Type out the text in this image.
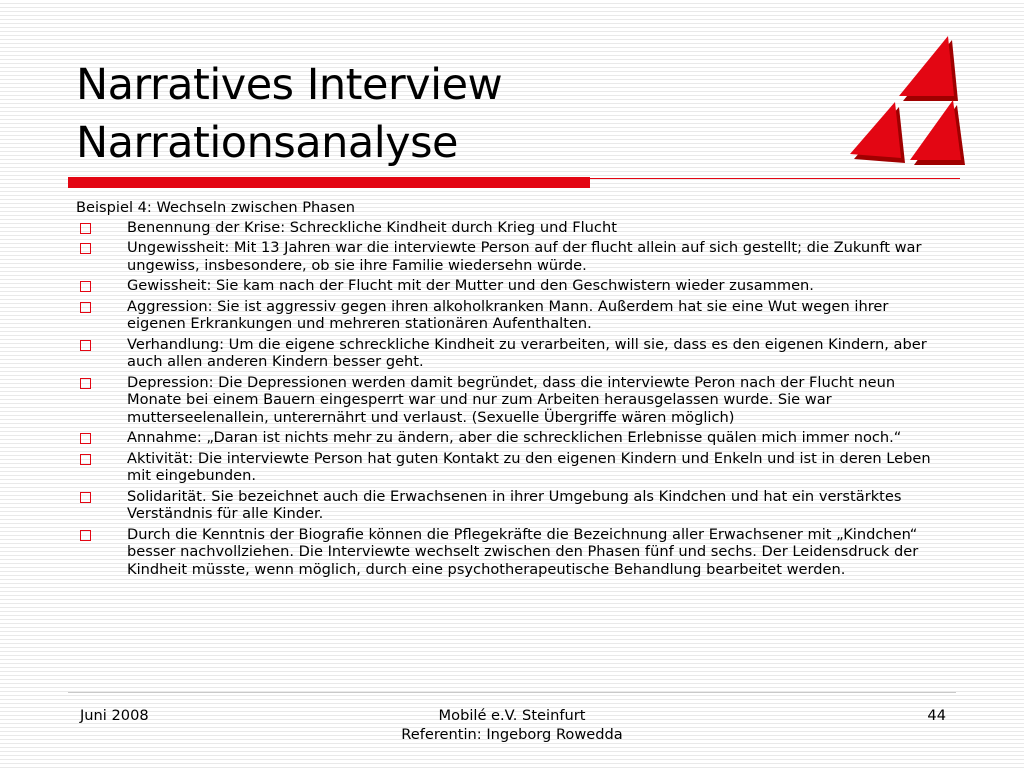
Narratives Interview
Narrationsanalyse
Beispiel 4: Wechseln zwischen Phasen
Benennung der Krise: Schreckliche Kindheit durch Krieg und Flucht
Ungewissheit: Mit 13 Jahren war die interviewte Person auf der flucht allein auf sich gestellt; die Zukunft war ungewiss, insbesondere, ob sie ihre Familie wiedersehn würde.
Gewissheit: Sie kam nach der Flucht mit der Mutter und den Geschwistern wieder zusammen.
Aggression: Sie ist aggressiv gegen ihren alkoholkranken Mann. Außerdem hat sie eine Wut wegen ihrer eigenen Erkrankungen und mehreren stationären Aufenthalten.
Verhandlung: Um die eigene schreckliche Kindheit zu verarbeiten, will sie, dass es den eigenen Kindern, aber auch allen anderen Kindern besser geht.
Depression: Die Depressionen werden damit begründet, dass die interviewte Peron nach der Flucht neun Monate bei einem Bauern eingesperrt war und nur zum Arbeiten herausgelassen wurde. Sie war mutterseelenallein, unterernährt und verlaust. (Sexuelle Übergriffe wären möglich)
Annahme: „Daran ist nichts mehr zu ändern, aber die schrecklichen Erlebnisse quälen mich immer noch.“
Aktivität: Die interviewte Person hat guten Kontakt zu den eigenen Kindern und Enkeln und ist in deren Leben mit eingebunden.
Solidarität. Sie bezeichnet auch die Erwachsenen in ihrer Umgebung als Kindchen und hat ein verstärktes Verständnis für alle Kinder.
Durch die Kenntnis der Biografie können die Pflegekräfte die Bezeichnung aller Erwachsener mit „Kindchen“ besser nachvollziehen. Die Interviewte wechselt zwischen den Phasen fünf und sechs. Der Leidensdruck der Kindheit müsste, wenn möglich, durch eine psychotherapeutische Behandlung bearbeitet werden.
Juni 2008	Mobilé e.V. Steinfurt
Referentin: Ingeborg Rowedda
44
